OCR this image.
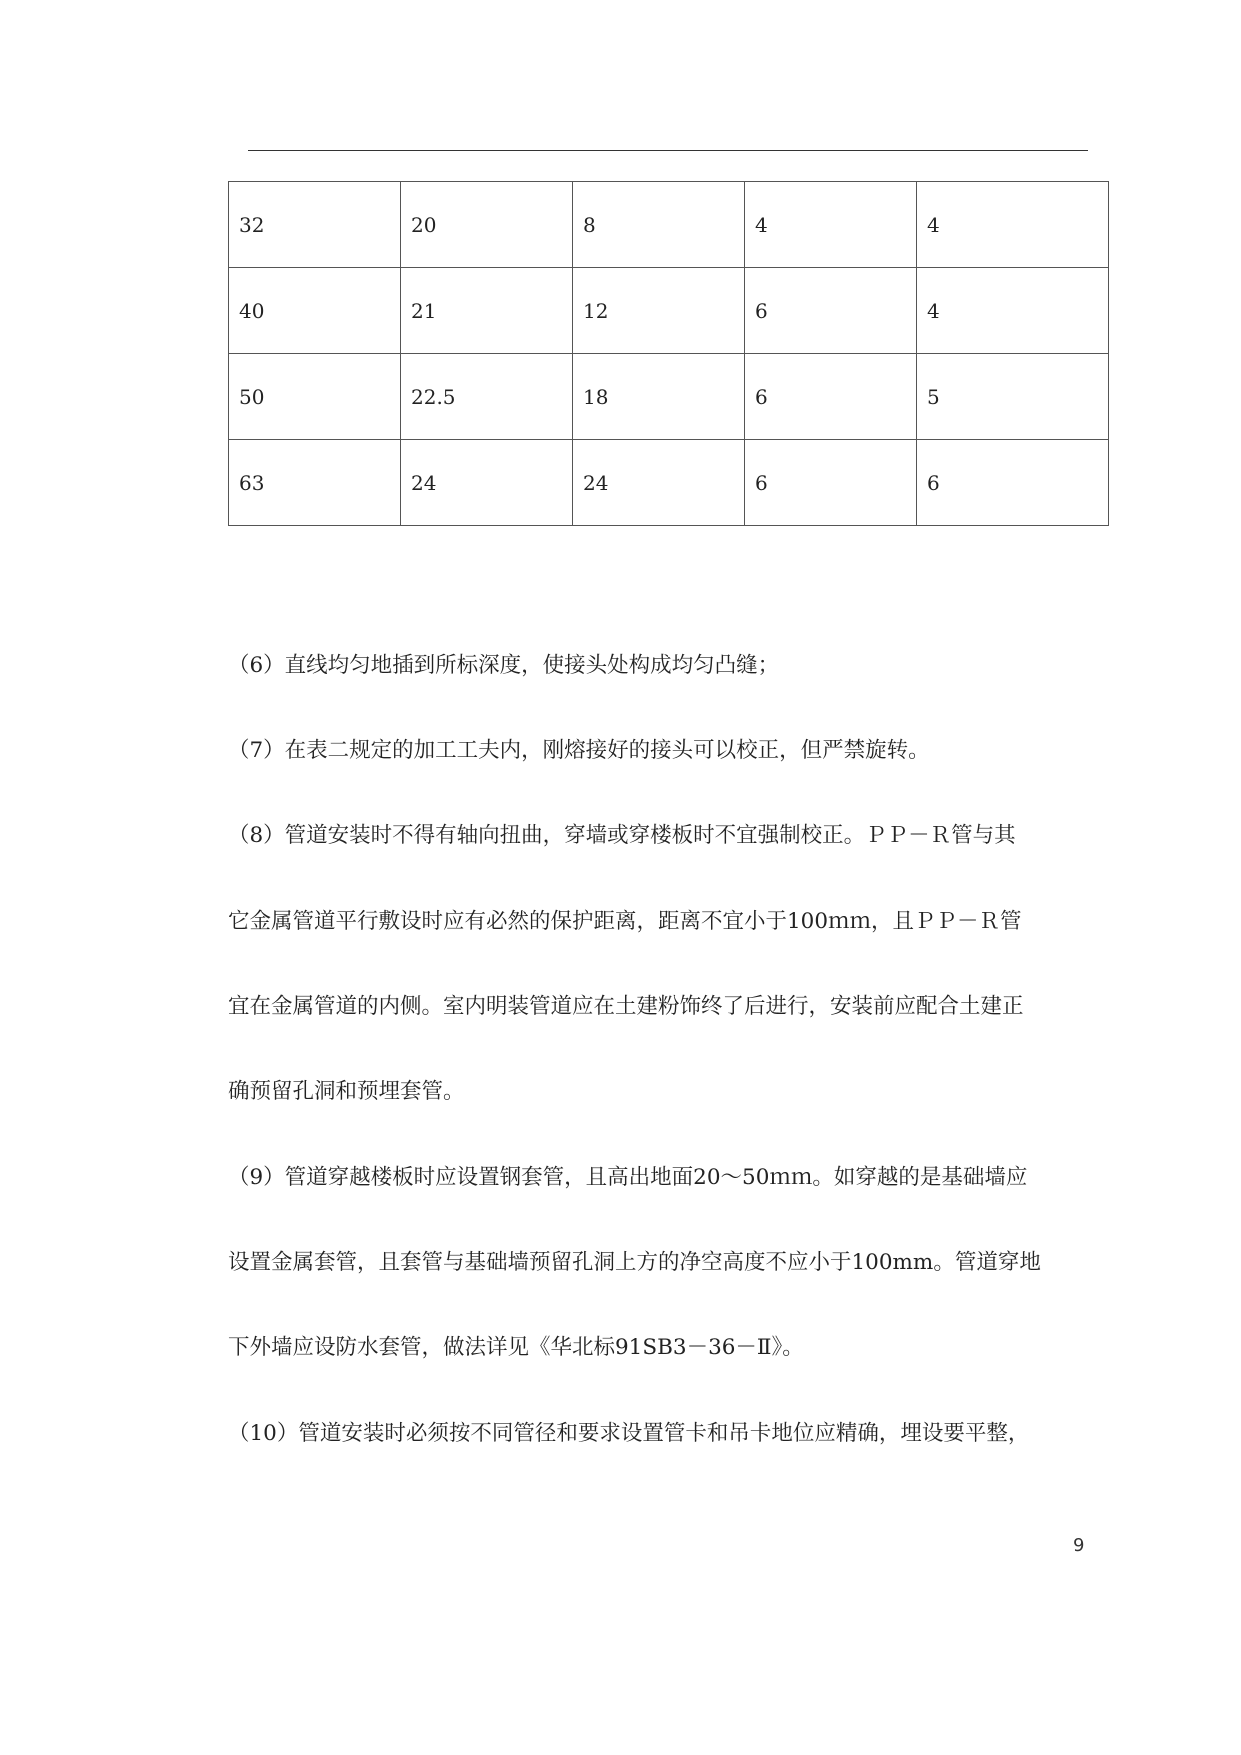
32	20	8	4	4
40	21	12	6	4
50	22.5	18	6	5
63	24	24	6	6
（6）直线均匀地插到所标深度，使接头处构成均匀凸缝；
（7）在表二规定的加工工夫内，刚熔接好的接头可以校正，但严禁旋转。
（8）管道安装时不得有轴向扭曲，穿墙或穿楼板时不宜强制校正。ＰＰ－Ｒ管与其
它金属管道平行敷设时应有必然的保护距离，距离不宜小于100ｍｍ，且ＰＰ－Ｒ管
宜在金属管道的内侧。室内明装管道应在土建粉饰终了后进行，安装前应配合土建正
确预留孔洞和预埋套管。
（9）管道穿越楼板时应设置钢套管，且高出地面20～50ｍｍ。如穿越的是基础墙应
设置金属套管，且套管与基础墙预留孔洞上方的净空高度不应小于100mm。管道穿地
下外墙应设防水套管，做法详见《华北标91SB3－36－Ⅱ》。
（10）管道安装时必须按不同管径和要求设置管卡和吊卡地位应精确，埋设要平整，
9
